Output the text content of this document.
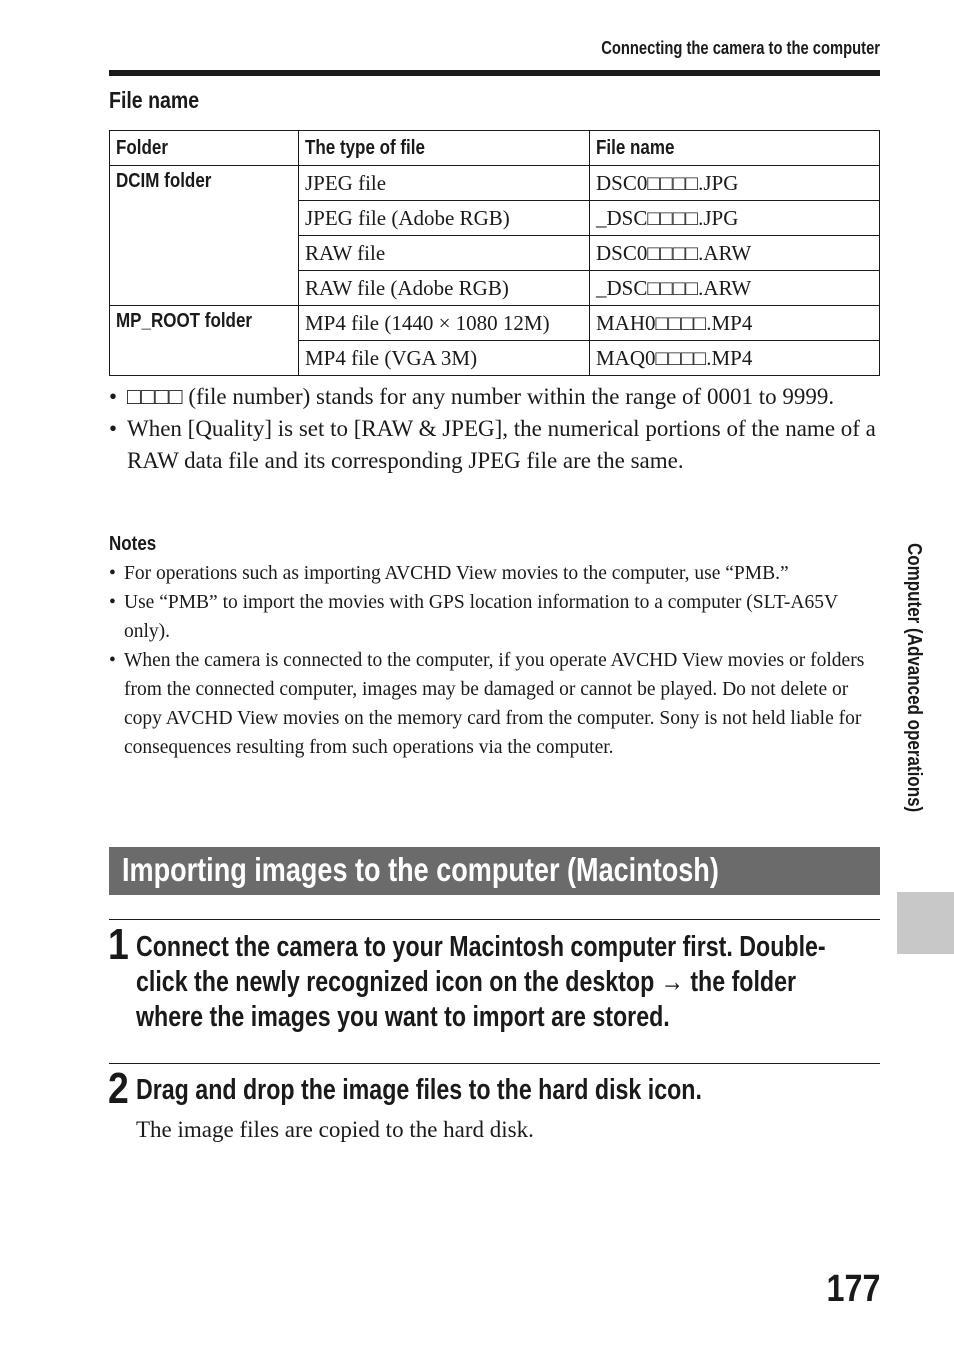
Connecting the camera to the computer
File name
Folder	The type of file	File name
DCIM folder	JPEG file	DSC0□□□□.JPG
	JPEG file (Adobe RGB)	_DSC□□□□.JPG
	RAW file	DSC0□□□□.ARW
	RAW file (Adobe RGB)	_DSC□□□□.ARW
MP_ROOT folder	MP4 file (1440 × 1080 12M)	MAH0□□□□.MP4
	MP4 file (VGA 3M)	MAQ0□□□□.MP4
• □□□□ (file number) stands for any number within the range of 0001 to 9999.
• When [Quality] is set to [RAW & JPEG], the numerical portions of the name of a RAW data file and its corresponding JPEG file are the same.
Notes
• For operations such as importing AVCHD View movies to the computer, use “PMB.”
• Use “PMB” to import the movies with GPS location information to a computer (SLT-A65V only).
• When the camera is connected to the computer, if you operate AVCHD View movies or folders from the connected computer, images may be damaged or cannot be played. Do not delete or copy AVCHD View movies on the memory card from the computer. Sony is not held liable for consequences resulting from such operations via the computer.
Importing images to the computer (Macintosh)
1 Connect the camera to your Macintosh computer first. Double-
click the newly recognized icon on the desktop → the folder
where the images you want to import are stored.
2 Drag and drop the image files to the hard disk icon.
The image files are copied to the hard disk.
Computer (Advanced operations)
177
